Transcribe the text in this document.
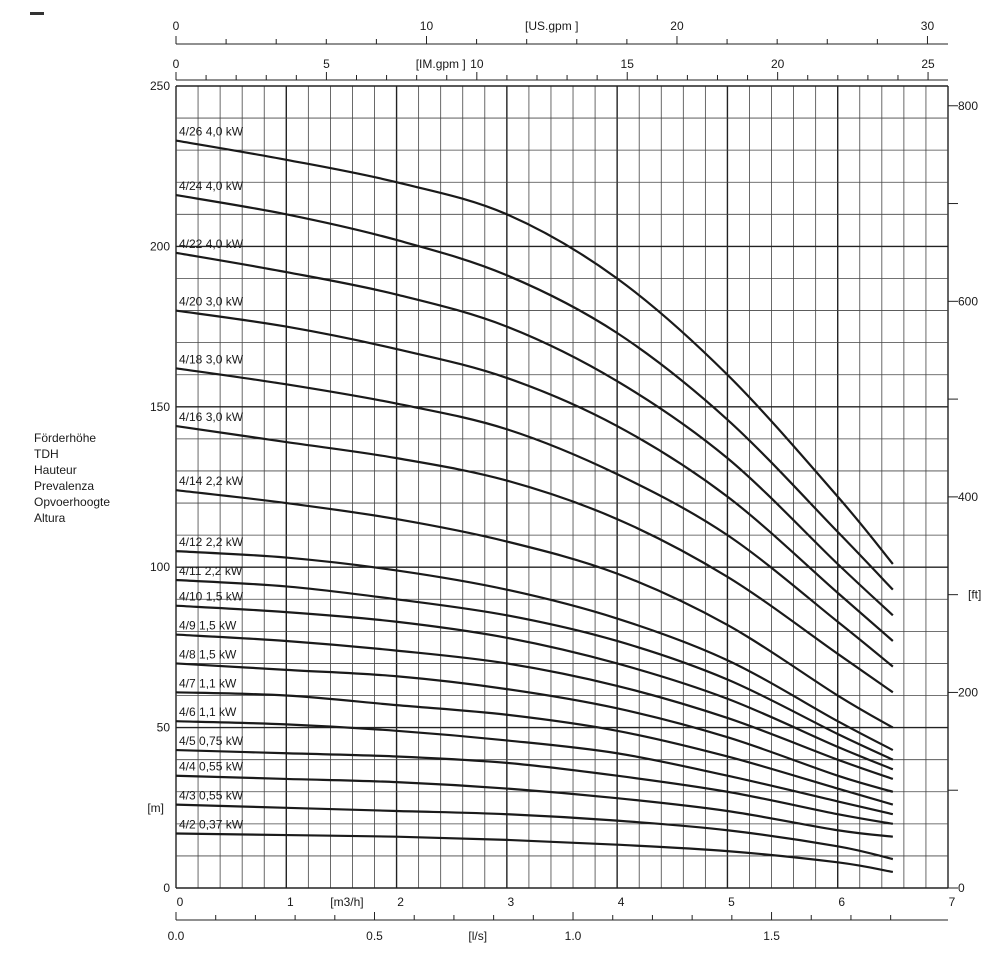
Förderhöhe
TDH
Hauteur
Prevalenza
Opvoerhoogte
Altura
0
50
100
150
200
250
[m]
0
200
400
600
800
[ft]
0	1	2	3	4	5	6	7
[m3/h]
0.0	0.5	1.0	1.5
[l/s]
0	5	10	15	20	25
[IM.gpm ]
0	10	20	30
[US.gpm ]
4/26 4,0 kW
4/24 4,0 kW
4/22 4,0 kW
4/20 3,0 kW
4/18 3,0 kW
4/16 3,0 kW
4/14 2,2 kW
4/12 2,2 kW
4/11 2,2 kW
4/10 1,5 kW
4/9 1,5 kW
4/8 1,5 kW
4/7 1,1 kW
4/6 1,1 kW
4/5 0,75 kW
4/4 0,55 kW
4/3 0,55 kW
4/2 0,37 kW
